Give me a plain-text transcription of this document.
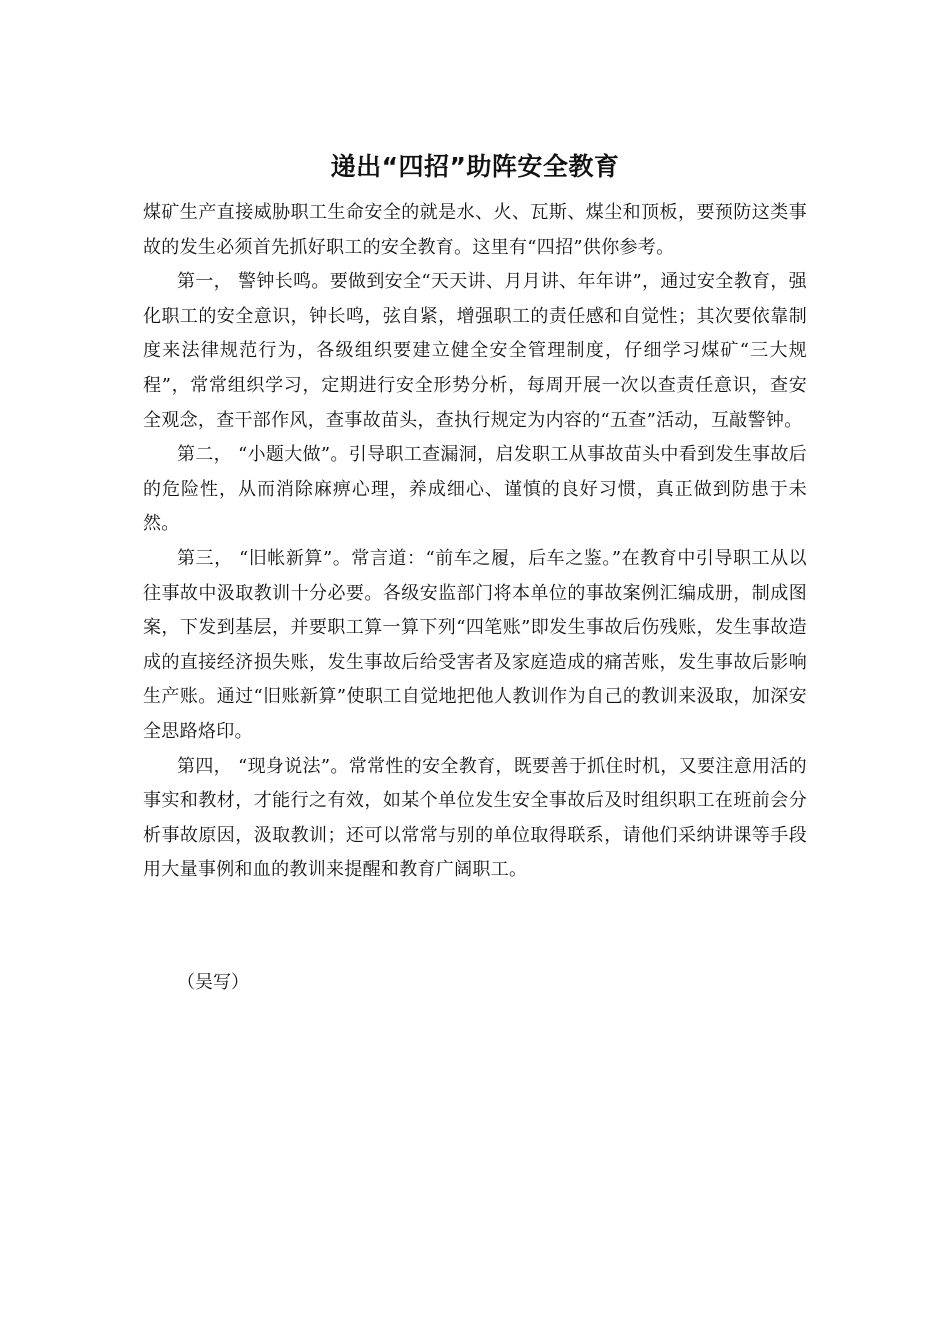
递出“四招”助阵安全教育

煤矿生产直接威胁职工生命安全的就是水、火、瓦斯、煤尘和顶板，要预防这类事故的发生必须首先抓好职工的安全教育。这里有“四招”供你参考。

第一， 警钟长鸣。要做到安全“天天讲、月月讲、年年讲”，通过安全教育，强化职工的安全意识，钟长鸣，弦自紧，增强职工的责任感和自觉性；其次要依靠制度来法律规范行为，各级组织要建立健全安全管理制度，仔细学习煤矿“三大规程”，常常组织学习，定期进行安全形势分析，每周开展一次以查责任意识，查安全观念，查干部作风，查事故苗头，查执行规定为内容的“五查”活动，互敲警钟。

第二， “小题大做”。引导职工查漏洞，启发职工从事故苗头中看到发生事故后的危险性，从而消除麻痹心理，养成细心、谨慎的良好习惯，真正做到防患于未然。

第三， “旧帐新算”。常言道：“前车之履，后车之鉴。”在教育中引导职工从以往事故中汲取教训十分必要。各级安监部门将本单位的事故案例汇编成册，制成图案，下发到基层，并要职工算一算下列“四笔账”即发生事故后伤残账，发生事故造成的直接经济损失账，发生事故后给受害者及家庭造成的痛苦账，发生事故后影响生产账。通过“旧账新算”使职工自觉地把他人教训作为自己的教训来汲取，加深安全思路烙印。

第四， “现身说法”。常常性的安全教育，既要善于抓住时机，又要注意用活的事实和教材，才能行之有效，如某个单位发生安全事故后及时组织职工在班前会分析事故原因，汲取教训；还可以常常与别的单位取得联系，请他们采纳讲课等手段用大量事例和血的教训来提醒和教育广阔职工。

（吴写）
